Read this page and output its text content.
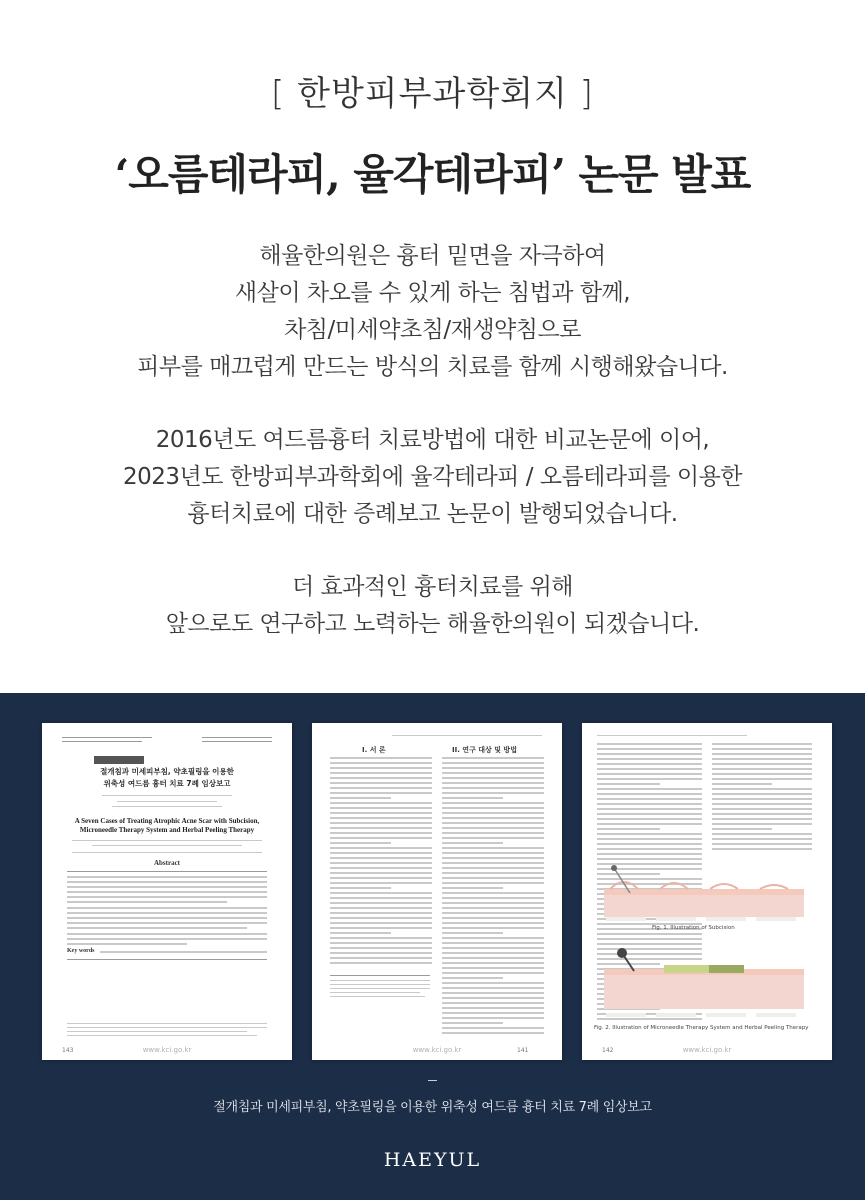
[ 한방피부과학회지 ]
‘오름테라피, 율각테라피’ 논문 발표
해율한의원은 흉터 밑면을 자극하여
새살이 차오를 수 있게 하는 침법과 함께,
차침/미세약초침/재생약침으로
피부를 매끄럽게 만드는 방식의 치료를 함께 시행해왔습니다.
2016년도 여드름흉터 치료방법에 대한 비교논문에 이어,
2023년도 한방피부과학회에 율각테라피 / 오름테라피를 이용한
흉터치료에 대한 증례보고 논문이 발행되었습니다.
더 효과적인 흉터치료를 위해
앞으로도 연구하고 노력하는 해율한의원이 되겠습니다.
절개침과 미세피부침, 약초필링을 이용한
위축성 여드름 흉터 치료 7례 임상보고
A Seven Cases of Treating Atrophic Acne Scar with Subcision,
Microneedle Therapy System and Herbal Peeling Therapy
Abstract
Key words
143	www.kci.go.kr
I. 서 론	II. 연구 대상 및 방법
141
www.kci.go.kr
Fig. 1. Illustration of Subcision
Fig. 2. Illustration of Microneedle Therapy System and Herbal Peeling Therapy
142	www.kci.go.kr
절개침과 미세피부침, 약초필링을 이용한 위축성 여드름 흉터 치료 7례 임상보고
HAEYUL
